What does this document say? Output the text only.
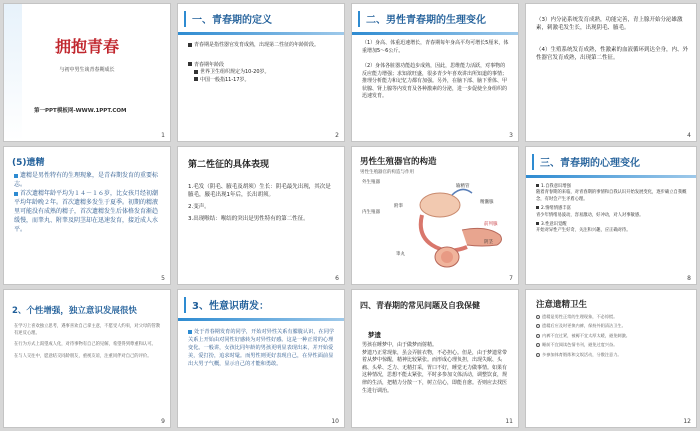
拥抱青春
与初中男生谈青春期成长
第一PPT模板网-WWW.1PPT.COM
1
一、青春期的定义
青春期是指性器官发育成熟，出现第二性征的年龄阶段。
青春期年龄段
世界卫生组织规定为10-20岁。
中国一般指11-17岁。
2
二、男性青春期的生理变化
（1）身高、体重迅速增长，青春期每年身高平均可增长5厘米，体重增加5～6公斤。
（2）身体各脏器功能趋步成熟，因此，思维能力活跃，对事物的反应能力增强；求知欲旺盛，很多青少年喜欢讲出所知道的事情；推理分析能力和记忆力都有加强。另外，在脑下部、脑下垂体、甲状腺、肾上腺等内发育及各种激素的分泌，进一步促使全身组织的迅速发育。
3
（3）内分泌系统发育成熟，功能完善，青上腺开始分泌雄激素，刺激毛发生长，出现阴毛、腋毛。
（4）生殖系统发育成熟，性激素的血液循环到达全身，内、外性器官发育成熟，出现第二性征。
4
(5)遗精
遗精是男性特有的生理现象，是青春期发育的重要标志。
首次遗精年龄平均为１４－１６岁，比女孩月经初潮平均年龄晚２年。首次遗精多发生于夏季。初期的精液里可能没有成熟的精子，首次遗精发生后体格发育渐趋缓慢，而睾丸、附睾及阴茎却在迅速发育，接近成人水平。
5
第二性征的具体表现
1.毛发（阴毛、腋毛及胡须）生长：阴毛最先出现，其次是腋毛，腋毛出现1年后，长出胡须。
2.变声。
3.出现喉结：喉结的突出是男性特有的第二性征。
6
男性生殖器官的构造
男性生殖器官的构造与作用
外生殖器
内生殖器
输精管
附睾
精囊腺
前列腺
睾丸
阴茎
7
三、青春期的心理变化
1.自我意识增强
随着青春期的来临，对青春期的事情和自我认识开始发展变化，逐步确立自我概念，有时会产生矛盾心理。
2.情绪情感丰富
青少年情绪易波动，容易激动，好冲动，对人对事敏感。
3.性意识觉醒
开始对异性产生好奇、关注和兴趣，应正确对待。
8
2、个性增强，独立意识发展很快
在学习上喜欢独立思考，遇事喜欢自己拿主意，不愿受人约束，对父母的管教有逆反心理。
在行为方式上渴望成人化，对待事物有自己的见解，希望得到尊重和认可。
在与人交往中，愿意结交同龄朋友，重视友谊，注重同伴对自己的评价。
9
3、性意识萌发：
处于青春期发育的同学，开始对异性关系有朦胧认识，在同学关系上开始由对同性好感转为对异性好感。这是一种正常的心理变化。一般讲，女孩比同年龄的男孩更明显表现出来，并开始爱美，爱打扮，追求时髦。而男性则更好表现自己，在异性面前显出大男子气概，显示自己的才能和勇敢。
10
四、青春期的常见问题及自我保健
梦遗
男孩在睡梦中，由于做梦而射精。
梦遗乃正常现象，虽会弄脏衣物，不必担心。但是，由于梦遗常带着从梦中惊醒，精神比较紧张。而形成心理负担，出现失眠、头痛、头晕、乏力、无精打采，胃口不好，睡觉无力做事情。如果有这种情况，思想不能太紧张，平时多参加文体活动，调整饮食，规律的生活，把精力分散一下，树立信心，即能自愈。否则应去找医生进行调治。
11
注意遗精卫生
遗精是男性正常的生理现象，不必惊慌。
遗精后应及时更换内裤，保持外阴清洁卫生。
内裤不宜过紧，被褥不宜太厚太暖，避免刺激。
睡前不宜阅读色情书刊，避免过度兴奋。
多参加体育锻炼和文娱活动，分散注意力。
12
